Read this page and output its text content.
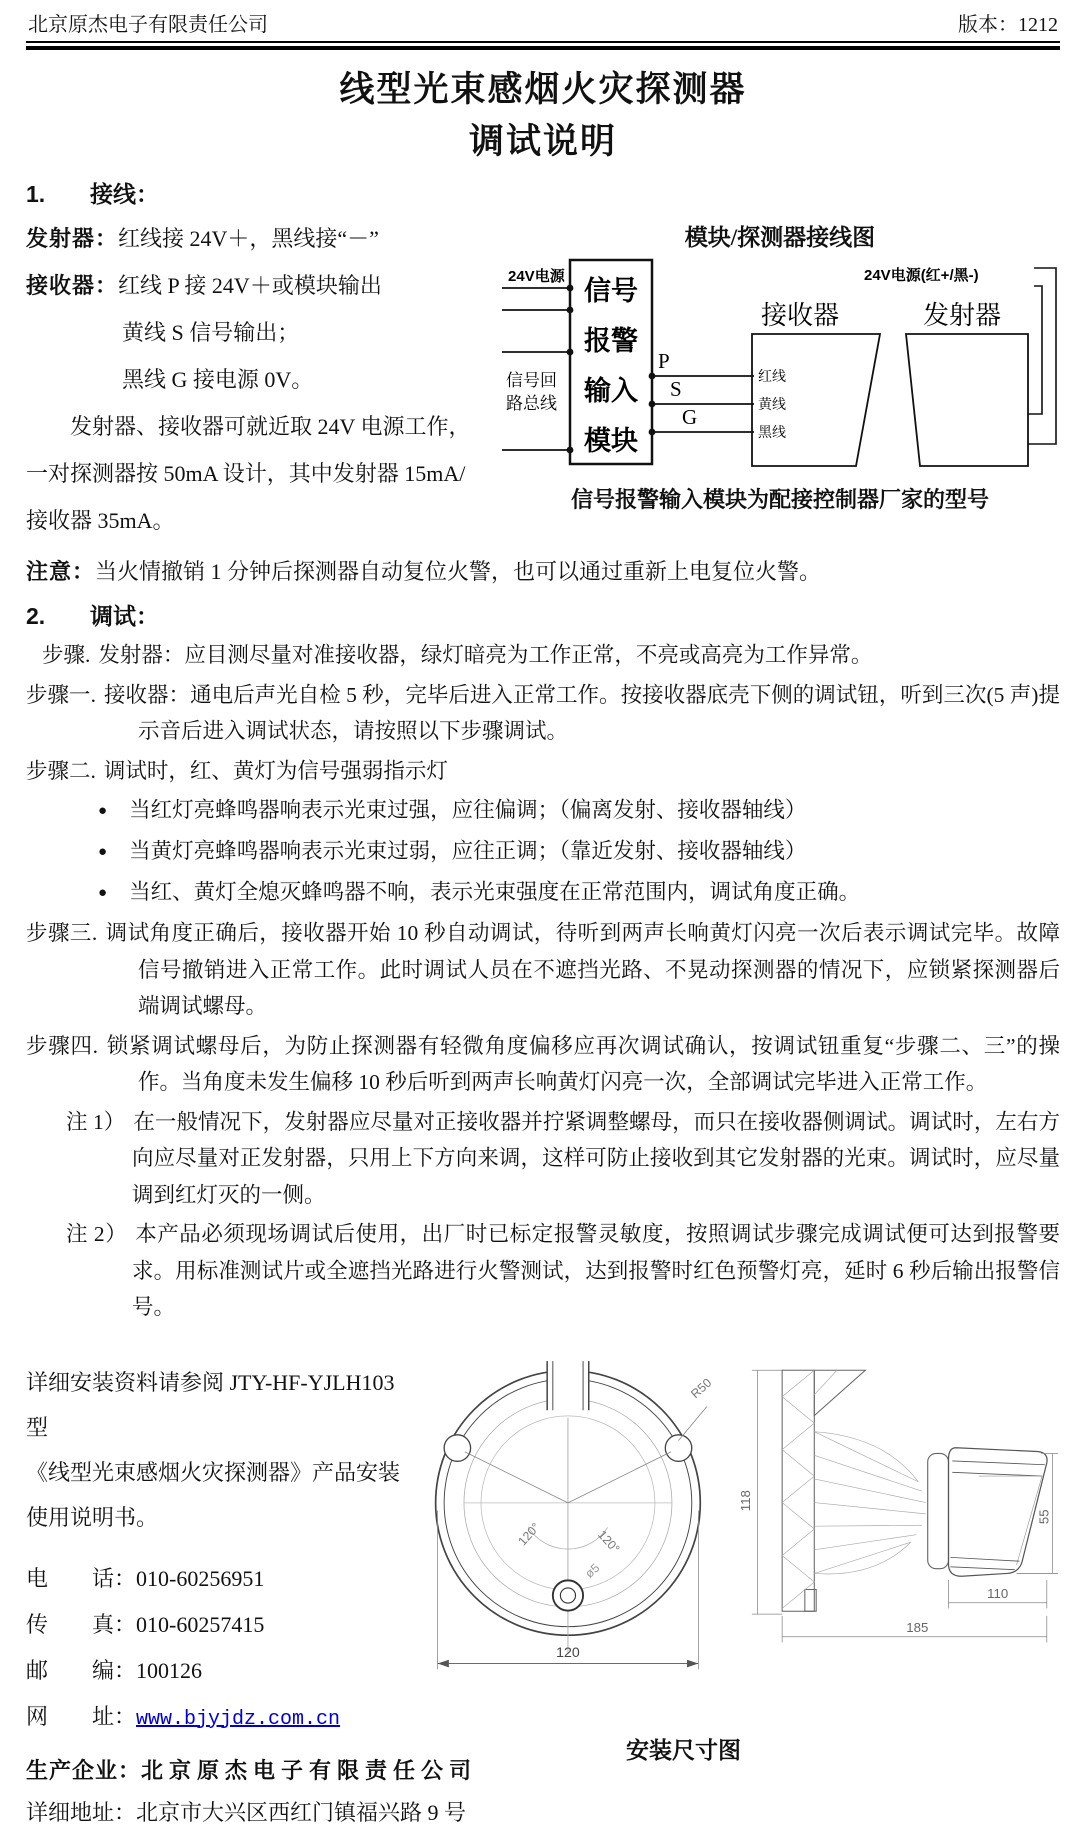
北京原杰电子有限责任公司	版本：1212
线型光束感烟火灾探测器
调试说明
1. 接线：

发射器：红线接 24V＋，黑线接“－”

接收器：红线 P 接 24V＋或模块输出

黄线 S 信号输出；

黑线 G 接电源 0V。

发射器、接收器可就近取 24V 电源工作，一对探测器按 50mA 设计，其中发射器 15mA/接收器 35mA。

模块/探测器接线图
信号
报警
输入
模块
24V电源
信号回
路总线
P
S
G
接收器
红线
黄线
黑线
发射器
24V电源(红+/黑-)
信号报警输入模块为配接控制器厂家的型号

注意：当火情撤销 1 分钟后探测器自动复位火警，也可以通过重新上电复位火警。

2. 调试：

步骤. 发射器：应目测尽量对准接收器，绿灯暗亮为工作正常，不亮或高亮为工作异常。

步骤一. 接收器：通电后声光自检 5 秒，完毕后进入正常工作。按接收器底壳下侧的调试钮，听到三次(5 声)提示音后进入调试状态，请按照以下步骤调试。

步骤二. 调试时，红、黄灯为信号强弱指示灯

● 当红灯亮蜂鸣器响表示光束过强，应往偏调；（偏离发射、接收器轴线）

● 当黄灯亮蜂鸣器响表示光束过弱，应往正调；（靠近发射、接收器轴线）

● 当红、黄灯全熄灭蜂鸣器不响，表示光束强度在正常范围内，调试角度正确。

步骤三. 调试角度正确后，接收器开始 10 秒自动调试，待听到两声长响黄灯闪亮一次后表示调试完毕。故障信号撤销进入正常工作。此时调试人员在不遮挡光路、不晃动探测器的情况下，应锁紧探测器后端调试螺母。

步骤四. 锁紧调试螺母后，为防止探测器有轻微角度偏移应再次调试确认，按调试钮重复“步骤二、三”的操作。当角度未发生偏移 10 秒后听到两声长响黄灯闪亮一次，全部调试完毕进入正常工作。

注 1） 在一般情况下，发射器应尽量对正接收器并拧紧调整螺母，而只在接收器侧调试。调试时，左右方向应尽量对正发射器，只用上下方向来调，这样可防止接收到其它发射器的光束。调试时，应尽量调到红灯灭的一侧。

注 2） 本产品必须现场调试后使用，出厂时已标定报警灵敏度，按照调试步骤完成调试便可达到报警要求。用标准测试片或全遮挡光路进行火警测试，达到报警时红色预警灯亮，延时 6 秒后输出报警信号。

详细安装资料请参阅 JTY-HF-YJLH103 型

《线型光束感烟火灾探测器》产品安装

使用说明书。

电　　话：010-60256951
传　　真：010-60257415
邮　　编：100126
网　　址：www.bjyjdz.com.cn
120°	120°
R50
ø5
120
118
55
110
185
安装尺寸图
生产企业：北京原杰电子有限责任公司
详细地址：北京市大兴区西红门镇福兴路 9 号
